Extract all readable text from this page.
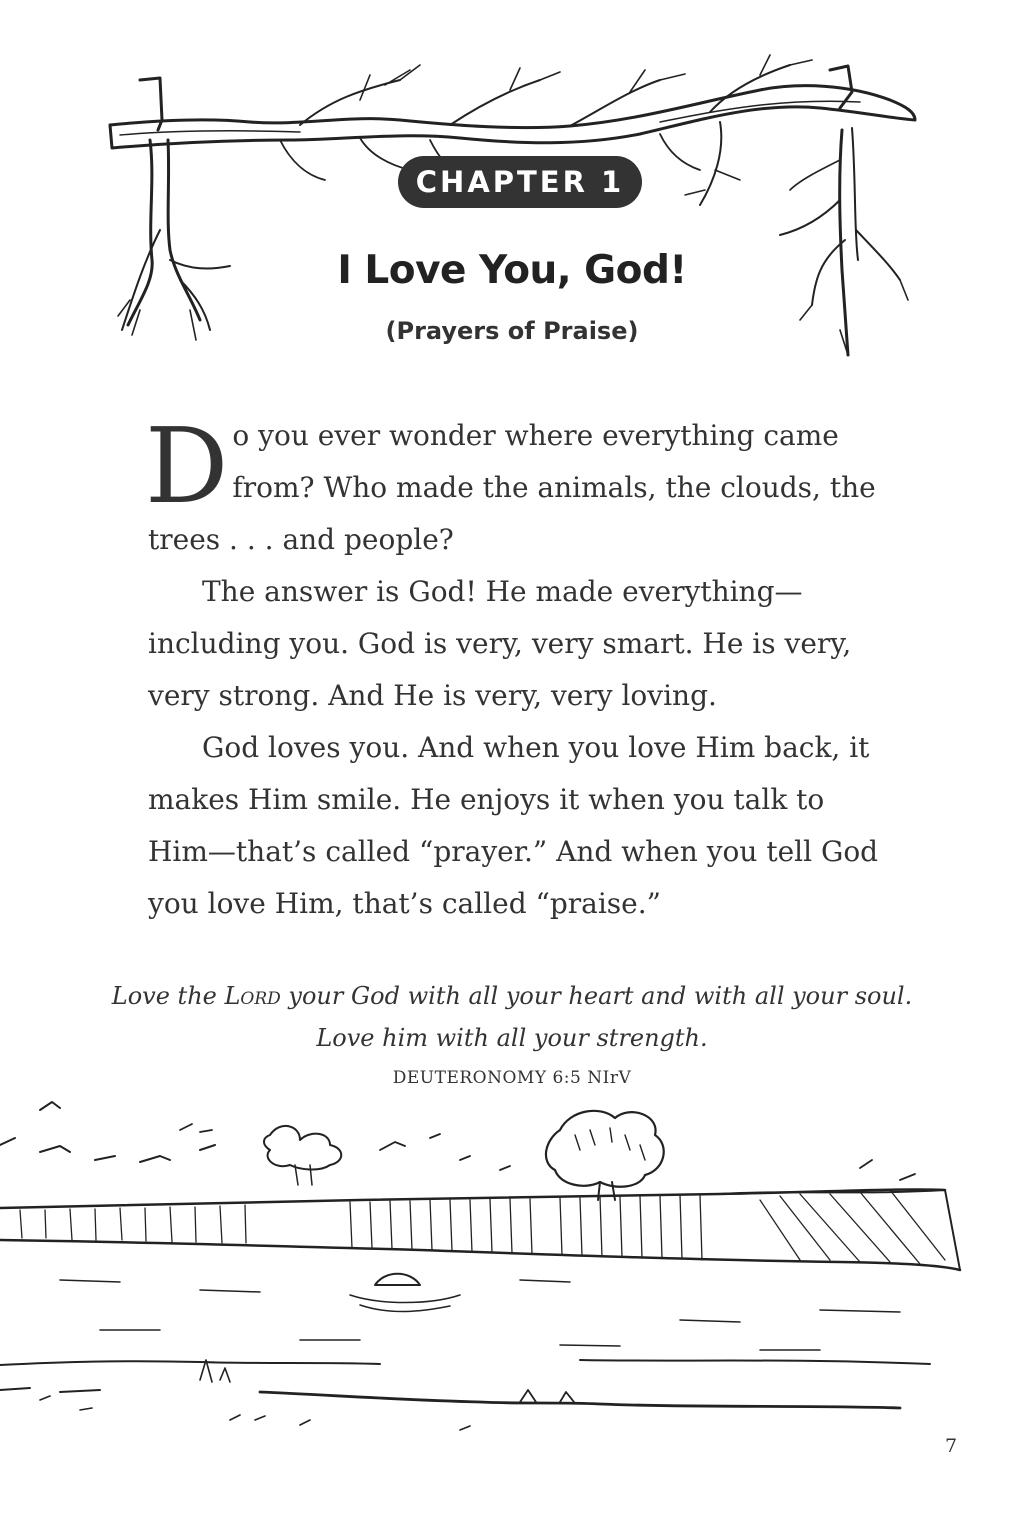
CHAPTER 1
I Love You, God!
(Prayers of Praise)

Do you ever wonder where everything came from? Who made the animals, the clouds, the trees . . . and people?

The answer is God! He made everything—including you. God is very, very smart. He is very, very strong. And He is very, very loving.

God loves you. And when you love Him back, it makes Him smile. He enjoys it when you talk to Him—that’s called “prayer.” And when you tell God you love Him, that’s called “praise.”

Love the Lord your God with all your heart and with all your soul.
Love him with all your strength.
DEUTERONOMY 6:5 NIrV
7
